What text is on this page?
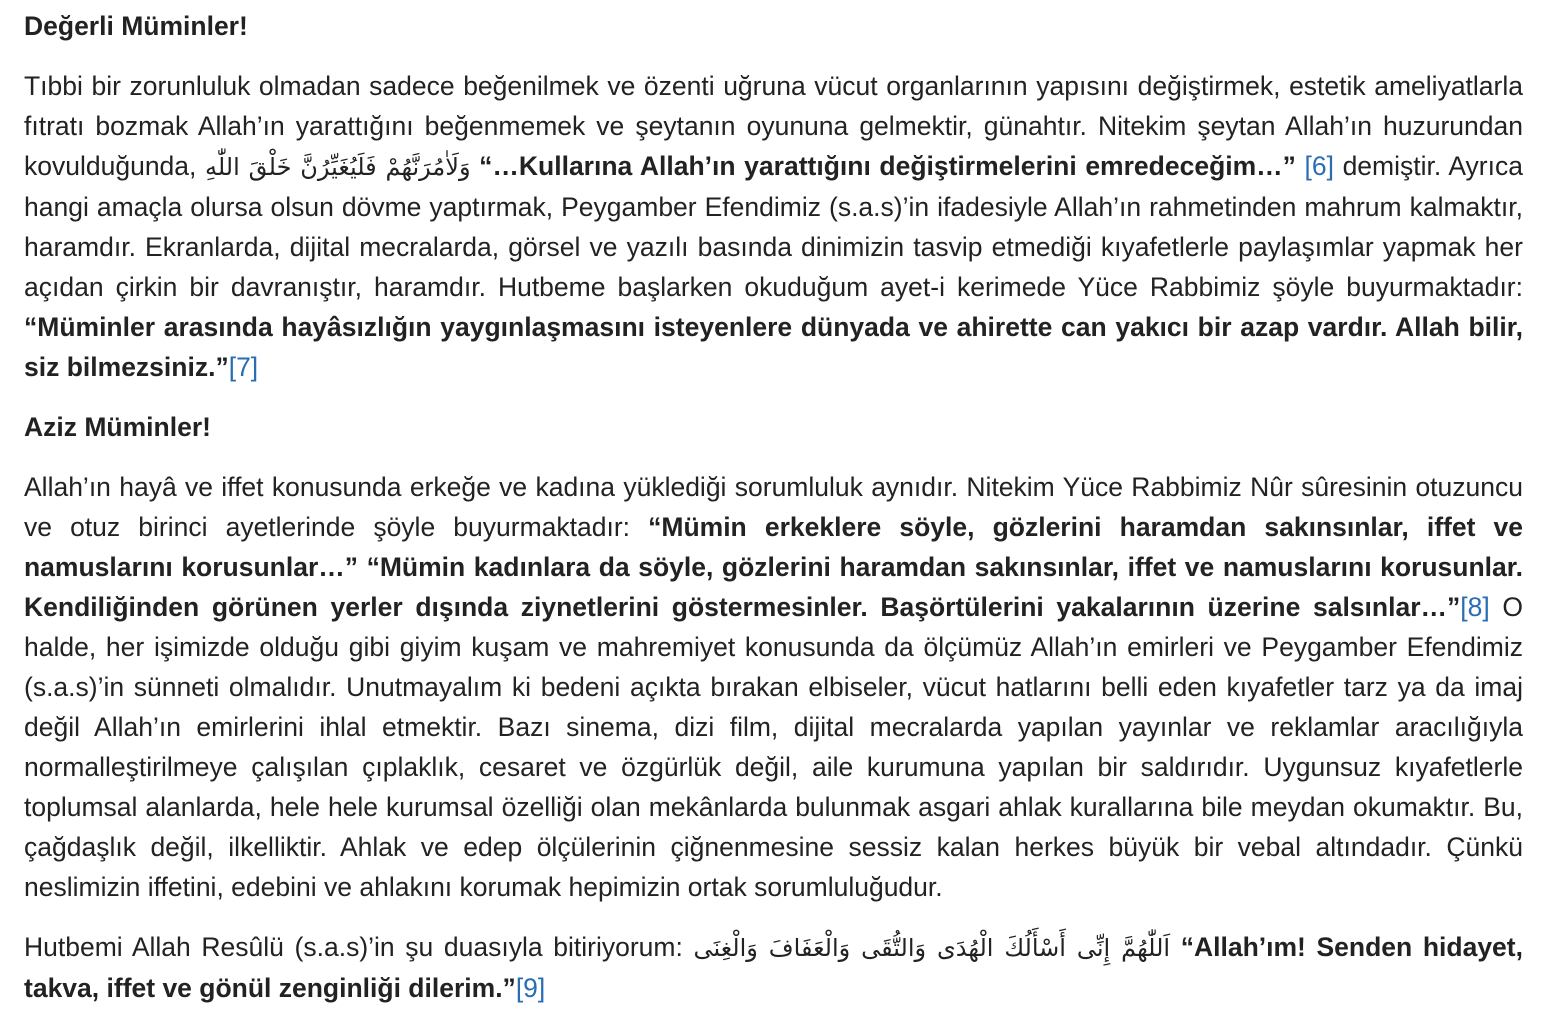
Değerli Müminler!

Tıbbi bir zorunluluk olmadan sadece beğenilmek ve özenti uğruna vücut organlarının yapısını değiştirmek, estetik ameliyatlarla fıtratı bozmak Allah’ın yarattığını beğenmemek ve şeytanın oyununa gelmektir, günahtır. Nitekim şeytan Allah’ın huzurundan kovulduğunda, وَلَاٰمُرَنَّهُمْ فَلَيُغَيِّرُنَّ خَلْقَ اللّٰهِ “…Kullarına Allah’ın yarattığını değiştirmelerini emredeceğim…” [6] demiştir. Ayrıca hangi amaçla olursa olsun dövme yaptırmak, Peygamber Efendimiz (s.a.s)’in ifadesiyle Allah’ın rahmetinden mahrum kalmaktır, haramdır. Ekranlarda, dijital mecralarda, görsel ve yazılı basında dinimizin tasvip etmediği kıyafetlerle paylaşımlar yapmak her açıdan çirkin bir davranıştır, haramdır. Hutbeme başlarken okuduğum ayet-i kerimede Yüce Rabbimiz şöyle buyurmaktadır: “Müminler arasında hayâsızlığın yaygınlaşmasını isteyenlere dünyada ve ahirette can yakıcı bir azap vardır. Allah bilir, siz bilmezsiniz.”[7]

Aziz Müminler!

Allah’ın hayâ ve iffet konusunda erkeğe ve kadına yüklediği sorumluluk aynıdır. Nitekim Yüce Rabbimiz Nûr sûresinin otuzuncu ve otuz birinci ayetlerinde şöyle buyurmaktadır: “Mümin erkeklere söyle, gözlerini haramdan sakınsınlar, iffet ve namuslarını korusunlar…” “Mümin kadınlara da söyle, gözlerini haramdan sakınsınlar, iffet ve namuslarını korusunlar. Kendiliğinden görünen yerler dışında ziynetlerini göstermesinler. Başörtülerini yakalarının üzerine salsınlar…”[8] O halde, her işimizde olduğu gibi giyim kuşam ve mahremiyet konusunda da ölçümüz Allah’ın emirleri ve Peygamber Efendimiz (s.a.s)’in sünneti olmalıdır. Unutmayalım ki bedeni açıkta bırakan elbiseler, vücut hatlarını belli eden kıyafetler tarz ya da imaj değil Allah’ın emirlerini ihlal etmektir. Bazı sinema, dizi film, dijital mecralarda yapılan yayınlar ve reklamlar aracılığıyla normalleştirilmeye çalışılan çıplaklık, cesaret ve özgürlük değil, aile kurumuna yapılan bir saldırıdır. Uygunsuz kıyafetlerle toplumsal alanlarda, hele hele kurumsal özelliği olan mekânlarda bulunmak asgari ahlak kurallarına bile meydan okumaktır. Bu, çağdaşlık değil, ilkelliktir. Ahlak ve edep ölçülerinin çiğnenmesine sessiz kalan herkes büyük bir vebal altındadır. Çünkü neslimizin iffetini, edebini ve ahlakını korumak hepimizin ortak sorumluluğudur.

Hutbemi Allah Resûlü (s.a.s)’in şu duasıyla bitiriyorum: اَللّٰهُمَّ إِنِّى أَسْأَلُكَ الْهُدَى وَالتُّقَى وَالْعَفَافَ وَالْغِنَى “Allah’ım! Senden hidayet, takva, iffet ve gönül zenginliği dilerim.”[9]
